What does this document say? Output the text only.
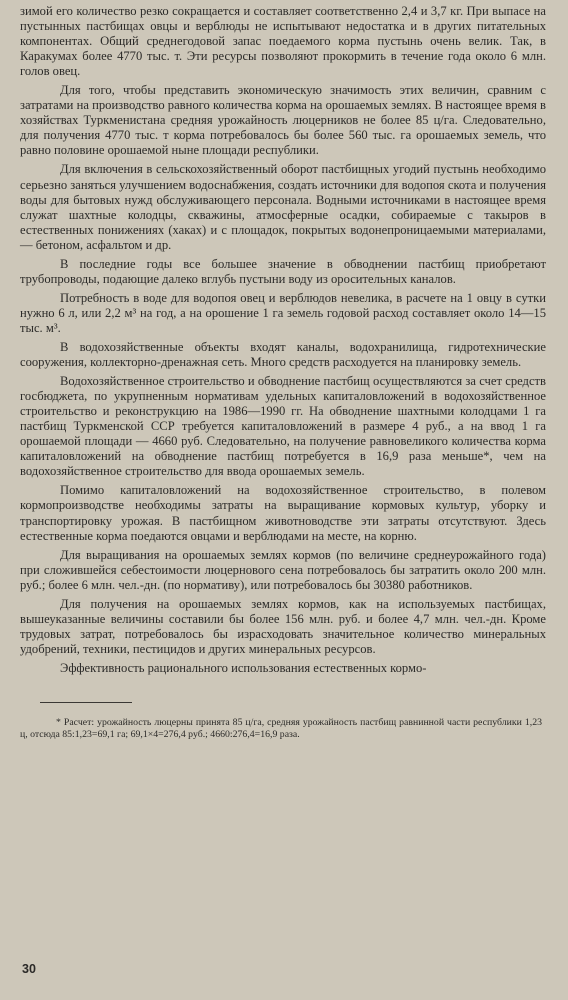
зимой его количество резко сокращается и составляет соответственно 2,4 и 3,7 кг. При выпасе на пустынных пастбищах овцы и верблюды не испытывают недостатка и в других питательных компонентах. Общий среднегодовой запас поедаемого корма пустынь очень велик. Так, в Каракумах более 4770 тыс. т. Эти ресурсы позволяют прокормить в течение года около 6 млн. голов овец.

Для того, чтобы представить экономическую значимость этих величин, сравним с затратами на производство равного количества корма на орошаемых землях. В настоящее время в хозяйствах Туркменистана средняя урожайность люцерников не более 85 ц/га. Следовательно, для получения 4770 тыс. т корма потребовалось бы более 560 тыс. га орошаемых земель, что равно половине орошаемой ныне площади республики.

Для включения в сельскохозяйственный оборот пастбищных угодий пустынь необходимо серьезно заняться улучшением водоснабжения, создать источники для водопоя скота и получения воды для бытовых нужд обслуживающего персонала. Водными источниками в настоящее время служат шахтные колодцы, скважины, атмосферные осадки, собираемые с такыров в естественных понижениях (хаках) и с площадок, покрытых водонепроницаемыми материалами, — бетоном, асфальтом и др.

В последние годы все большее значение в обводнении пастбищ приобретают трубопроводы, подающие далеко вглубь пустыни воду из оросительных каналов.

Потребность в воде для водопоя овец и верблюдов невелика, в расчете на 1 овцу в сутки нужно 6 л, или 2,2 м³ на год, а на орошение 1 га земель годовой расход составляет около 14—15 тыс. м³.

В водохозяйственные объекты входят каналы, водохранилища, гидротехнические сооружения, коллекторно-дренажная сеть. Много средств расходуется на планировку земель.

Водохозяйственное строительство и обводнение пастбищ осуществляются за счет средств госбюджета, по укрупненным нормативам удельных капиталовложений в водохозяйственное строительство и реконструкцию на 1986—1990 гг. На обводнение шахтными колодцами 1 га пастбищ Туркменской ССР требуется капиталовложений в размере 4 руб., а на ввод 1 га орошаемой площади — 4660 руб. Следовательно, на получение равновеликого количества корма капиталовложений на обводнение пастбищ потребуется в 16,9 раза меньше*, чем на водохозяйственное строительство для ввода орошаемых земель.

Помимо капиталовложений на водохозяйственное строительство, в полевом кормопроизводстве необходимы затраты на выращивание кормовых культур, уборку и транспортировку урожая. В пастбищном животноводстве эти затраты отсутствуют. Здесь естественные корма поедаются овцами и верблюдами на месте, на корню.

Для выращивания на орошаемых землях кормов (по величине среднеурожайного года) при сложившейся себестоимости люцернового сена потребовалось бы затратить около 200 млн. руб.; более 6 млн. чел.-дн. (по нормативу), или потребовалось бы 30380 работников.

Для получения на орошаемых землях кормов, как на используемых пастбищах, вышеуказанные величины составили бы более 156 млн. руб. и более 4,7 млн. чел.-дн. Кроме трудовых затрат, потребовалось бы израсходовать значительное количество минеральных удобрений, техники, пестицидов и других минеральных ресурсов.

Эффективность рационального использования естественных кормо-

* Расчет: урожайность люцерны принята 85 ц/га, средняя урожайность пастбищ равнинной части республики 1,23 ц, отсюда 85:1,23=69,1 га; 69,1×4=276,4 руб.; 4660:276,4=16,9 раза.

30
